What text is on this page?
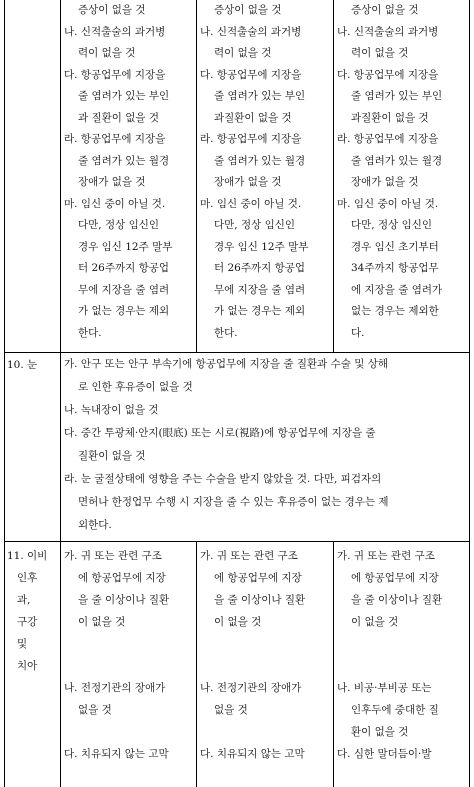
증상이 없을 것
나. 신적출술의 과거병
력이 없을 것
다. 항공업무에 지장을
줄 염려가 있는 부인
과 질환이 없을 것
라. 항공업무에 지장을
줄 염려가 있는 월경
장애가 없을 것
마. 임신 중이 아닐 것.
다만, 정상 임신인
경우 임신 12주 말부
터 26주까지 항공업
무에 지장을 줄 염려
가 없는 경우는 제외
한다.
증상이 없을 것
나. 신적출술의 과거병
력이 없을 것
다. 항공업무에 지장을
줄 염려가 있는 부인
과질환이 없을 것
라. 항공업무에 지장을
줄 염려가 있는 월경
장애가 없을 것
마. 임신 중이 아닐 것.
다만, 정상 임신인
경우 임신 12주 말부
터 26주까지 항공업
무에 지장을 줄 염려
가 없는 경우는 제외
한다.
증상이 없을 것
나. 신적출술의 과거병
력이 없을 것
다. 항공업무에 지장을
줄 염려가 있는 부인
과질환이 없을 것
라. 항공업무에 지장을
줄 염려가 있는 월경
장애가 없을 것
마. 임신 중이 아닐 것.
다만, 정상 임신인
경우 임신 초기부터
34주까지 항공업무
에 지장을 줄 염려가
없는 경우는 제외한
다.
10. 눈	가. 안구 또는 안구 부속기에 항공업무에 지장을 줄 질환과 수술 및 상해
로 인한 후유증이 없을 것
나. 녹내장이 없을 것
다. 중간 투광체·안지(眼底) 또는 시로(視路)에 항공업무에 지장을 줄
질환이 없을 것
라. 눈 굴절상태에 영향을 주는 수술을 받지 않았을 것. 다만, 피검자의
면허나 한정업무 수행 시 지장을 줄 수 있는 후유증이 없는 경우는 제
외한다.
11. 이비
인후
과,
구강
및
치아
가. 귀 또는 관련 구조
에 항공업무에 지장
을 줄 이상이나 질환
이 없을 것
나. 전정기관의 장애가
없을 것
다. 치유되지 않는 고막
가. 귀 또는 관련 구조
에 항공업무에 지장
을 줄 이상이나 질환
이 없을 것
나. 전정기관의 장애가
없을 것
다. 치유되지 않는 고막
가. 귀 또는 관련 구조
에 항공업무에 지장
을 줄 이상이나 질환
이 없을 것
나. 비공·부비공 또는
인후두에 중대한 질
환이 없을 것
다. 심한 말더듬이·발
